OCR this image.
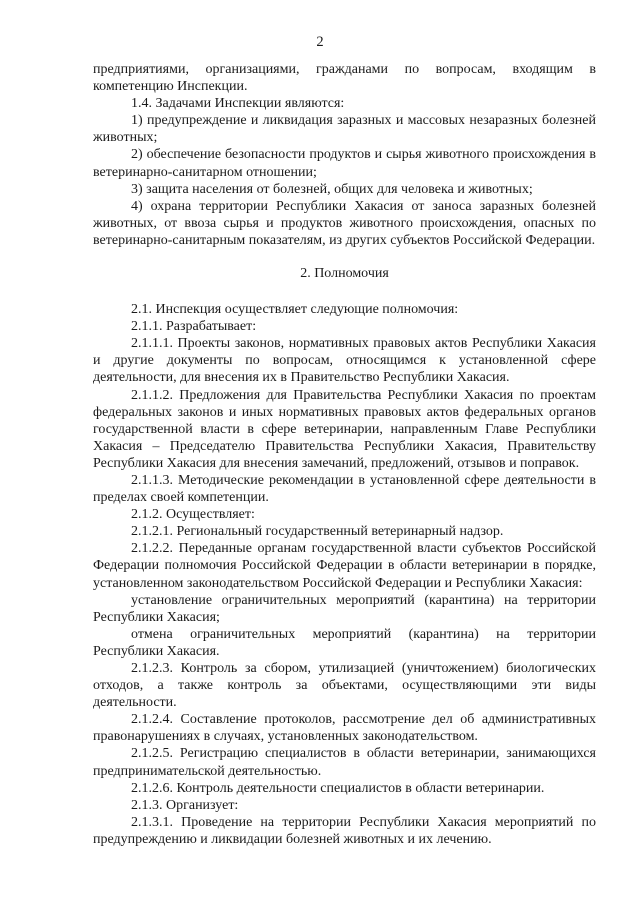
2

предприятиями, организациями, гражданами по вопросам, входящим в компетенцию Инспекции.

1.4. Задачами Инспекции являются:

1) предупреждение и ликвидация заразных и массовых незаразных болезней животных;

2) обеспечение безопасности продуктов и сырья животного происхождения в ветеринарно-санитарном отношении;

3) защита населения от болезней, общих для человека и животных;

4) охрана территории Республики Хакасия от заноса заразных болезней животных, от ввоза сырья и продуктов животного происхождения, опасных по ветеринарно-санитарным показателям, из других субъектов Российской Федерации.

2. Полномочия

2.1. Инспекция осуществляет следующие полномочия:

2.1.1. Разрабатывает:

2.1.1.1. Проекты законов, нормативных правовых актов Республики Хакасия и другие документы по вопросам, относящимся к установленной сфере деятельности, для внесения их в Правительство Республики Хакасия.

2.1.1.2. Предложения для Правительства Республики Хакасия по проектам федеральных законов и иных нормативных правовых актов федеральных органов государственной власти в сфере ветеринарии, направленным Главе Республики Хакасия – Председателю Правительства Республики Хакасия, Правительству Республики Хакасия для внесения замечаний, предложений, отзывов и поправок.

2.1.1.3. Методические рекомендации в установленной сфере деятельности в пределах своей компетенции.

2.1.2. Осуществляет:

2.1.2.1. Региональный государственный ветеринарный надзор.

2.1.2.2. Переданные органам государственной власти субъектов Российской Федерации полномочия Российской Федерации в области ветеринарии в порядке, установленном законодательством Российской Федерации и Республики Хакасия:

установление ограничительных мероприятий (карантина) на территории Республики Хакасия;

отмена ограничительных мероприятий (карантина) на территории Республики Хакасия.

2.1.2.3. Контроль за сбором, утилизацией (уничтожением) биологических отходов, а также контроль за объектами, осуществляющими эти виды деятельности.

2.1.2.4. Составление протоколов, рассмотрение дел об административных правонарушениях в случаях, установленных законодательством.

2.1.2.5. Регистрацию специалистов в области ветеринарии, занимающихся предпринимательской деятельностью.

2.1.2.6. Контроль деятельности специалистов в области ветеринарии.

2.1.3. Организует:

2.1.3.1. Проведение на территории Республики Хакасия мероприятий по предупреждению и ликвидации болезней животных и их лечению.
